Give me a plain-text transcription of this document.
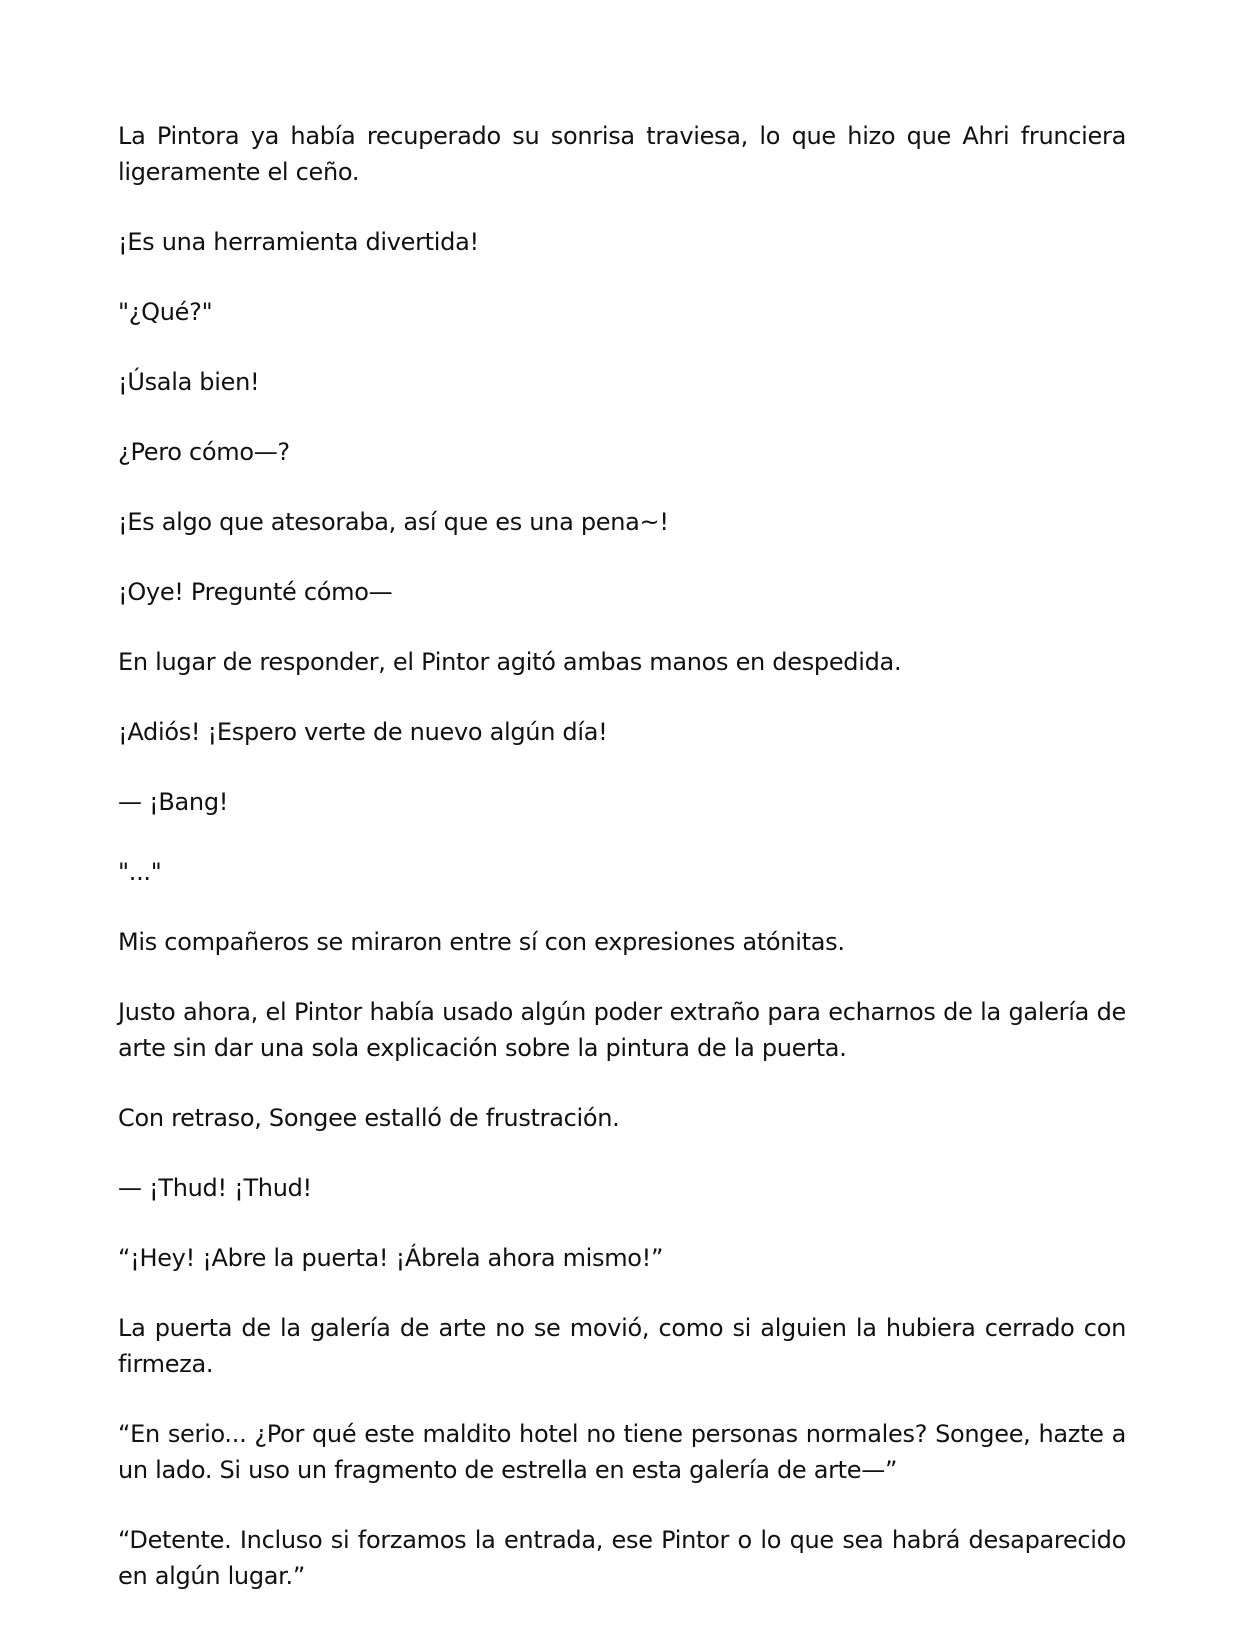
La Pintora ya había recuperado su sonrisa traviesa, lo que hizo que Ahri frunciera ligeramente el ceño.

¡Es una herramienta divertida!

"¿Qué?"

¡Úsala bien!

¿Pero cómo—?

¡Es algo que atesoraba, así que es una pena~!

¡Oye! Pregunté cómo—

En lugar de responder, el Pintor agitó ambas manos en despedida.

¡Adiós! ¡Espero verte de nuevo algún día!

— ¡Bang!

"..."

Mis compañeros se miraron entre sí con expresiones atónitas.

Justo ahora, el Pintor había usado algún poder extraño para echarnos de la galería de arte sin dar una sola explicación sobre la pintura de la puerta.

Con retraso, Songee estalló de frustración.

— ¡Thud! ¡Thud!

“¡Hey! ¡Abre la puerta! ¡Ábrela ahora mismo!”

La puerta de la galería de arte no se movió, como si alguien la hubiera cerrado con firmeza.

“En serio... ¿Por qué este maldito hotel no tiene personas normales? Songee, hazte a un lado. Si uso un fragmento de estrella en esta galería de arte—”

“Detente. Incluso si forzamos la entrada, ese Pintor o lo que sea habrá desaparecido en algún lugar.”
